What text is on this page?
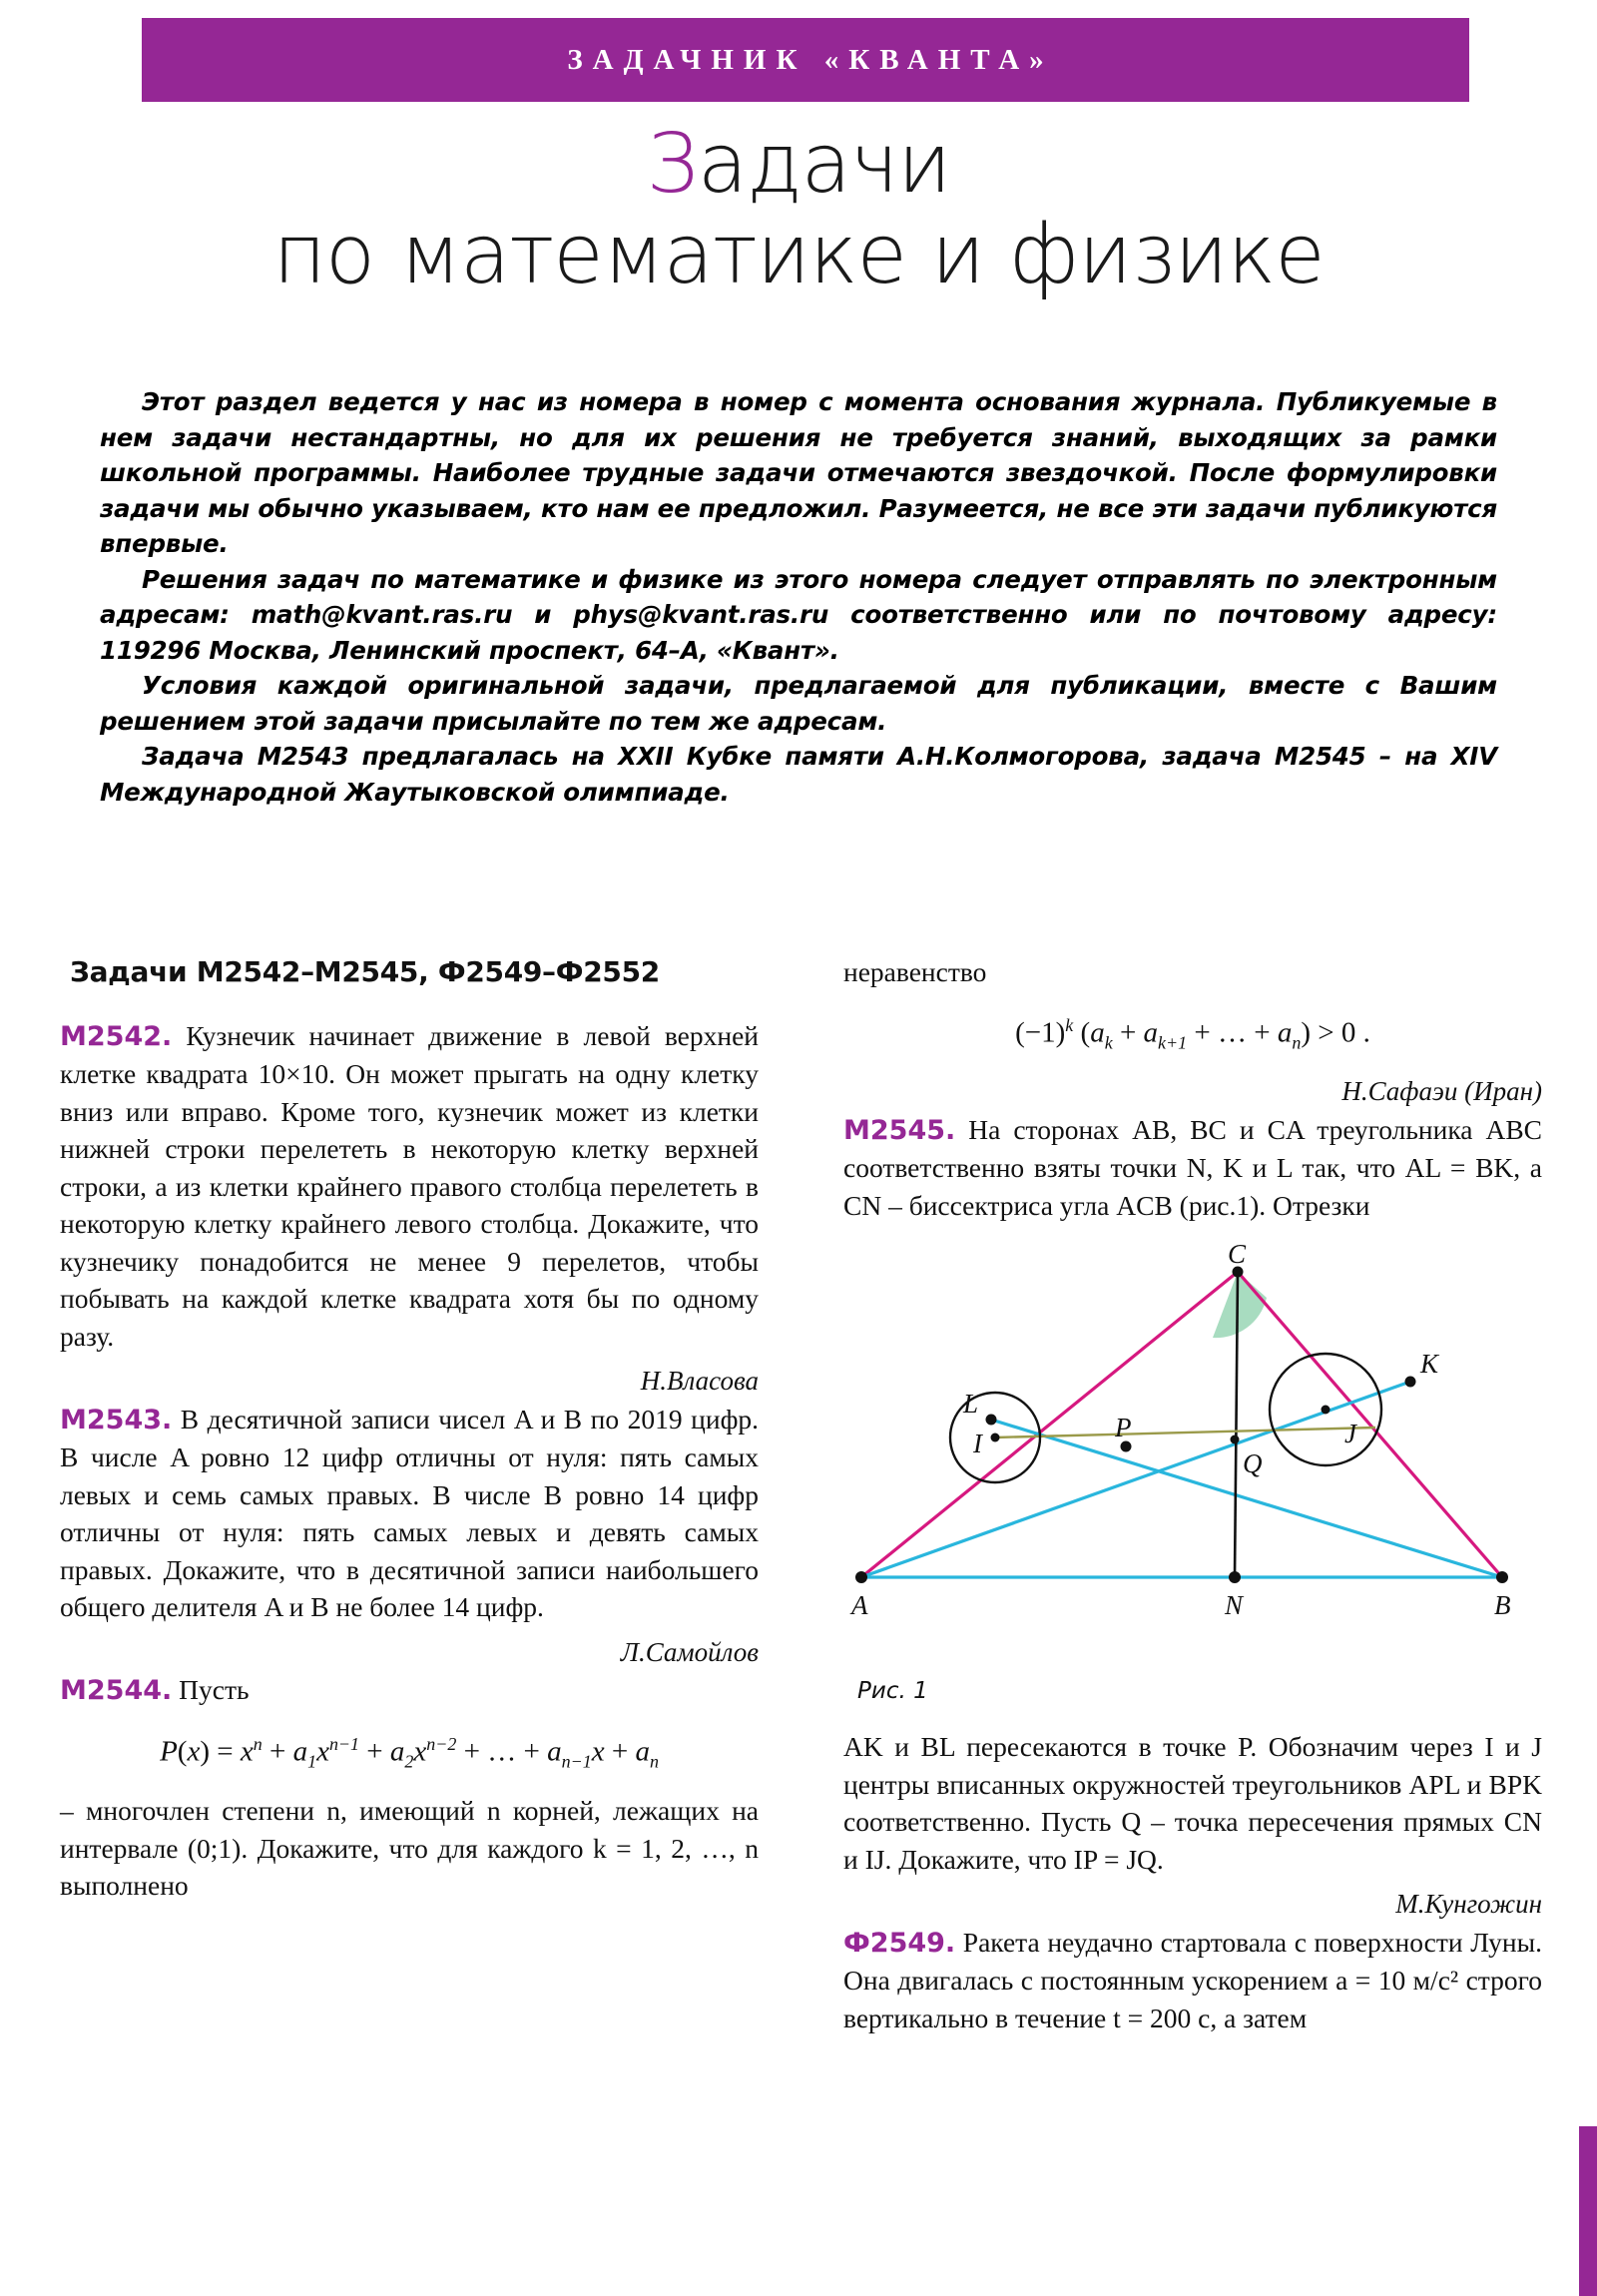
ЗАДАЧНИК «КВАНТА»
Задачи
по математике и физике

Этот раздел ведется у нас из номера в номер с момента основания журнала. Публикуемые в нем задачи нестандартны, но для их решения не требуется знаний, выходящих за рамки школьной программы. Наиболее трудные задачи отмечаются звездочкой. После формулировки задачи мы обычно указываем, кто нам ее предложил. Разумеется, не все эти задачи публикуются впервые.

Решения задач по математике и физике из этого номера следует отправлять по электронным адресам: math@kvant.ras.ru и phys@kvant.ras.ru соответственно или по почтовому адресу: 119296 Москва, Ленинский проспект, 64–А, «Квант».

Условия каждой оригинальной задачи, предлагаемой для публикации, вместе с Вашим решением этой задачи присылайте по тем же адресам.

Задача М2543 предлагалась на XXII Кубке памяти А.Н.Колмогорова, задача М2545 – на XIV Международной Жаутыковской олимпиаде.

Задачи М2542–М2545, Ф2549–Ф2552

М2542. Кузнечик начинает движение в левой верхней клетке квадрата 10×10. Он может прыгать на одну клетку вниз или вправо. Кроме того, кузнечик может из клетки нижней строки перелететь в некоторую клетку верхней строки, а из клетки крайнего правого столбца перелететь в некоторую клетку крайнего левого столбца. Докажите, что кузнечику понадобится не менее 9 перелетов, чтобы побывать на каждой клетке квадрата хотя бы по одному разу.

Н.Власова

М2543. В десятичной записи чисел A и B по 2019 цифр. В числе A ровно 12 цифр отличны от нуля: пять самых левых и семь самых правых. В числе B ровно 14 цифр отличны от нуля: пять самых левых и девять самых правых. Докажите, что в десятичной записи наибольшего общего делителя A и B не более 14 цифр.

Л.Самойлов

М2544. Пусть

$P(x) = x^n + a_1x^{n-1} + a_2x^{n-2}$ + … + $a_{n-1}x + a_n$

– многочлен степени n, имеющий n корней, лежащих на интервале (0;1). Докажите, что для каждого k = 1, 2, …, n выполнено

неравенство

$(-1)^k$ ($a_k + a_{k+1}$ + … + $a_n) > 0$ .

Н.Сафаэи (Иран)

М2545. На сторонах AB, BC и CA треугольника ABC соответственно взяты точки N, K и L так, что AL = BK, а CN – биссектриса угла ACB (рис.1). Отрезки

C
K
L
P
I	J
Q
A	N	B
Рис. 1

AK и BL пересекаются в точке P. Обозначим через I и J центры вписанных окружностей треугольников APL и BPK соответственно. Пусть Q – точка пересечения прямых CN и IJ. Докажите, что IP = JQ.

М.Кунгожин

Ф2549. Ракета неудачно стартовала с поверхности Луны. Она двигалась с постоянным ускорением a = 10 м/с² строго вертикально в течение t = 200 с, а затем
